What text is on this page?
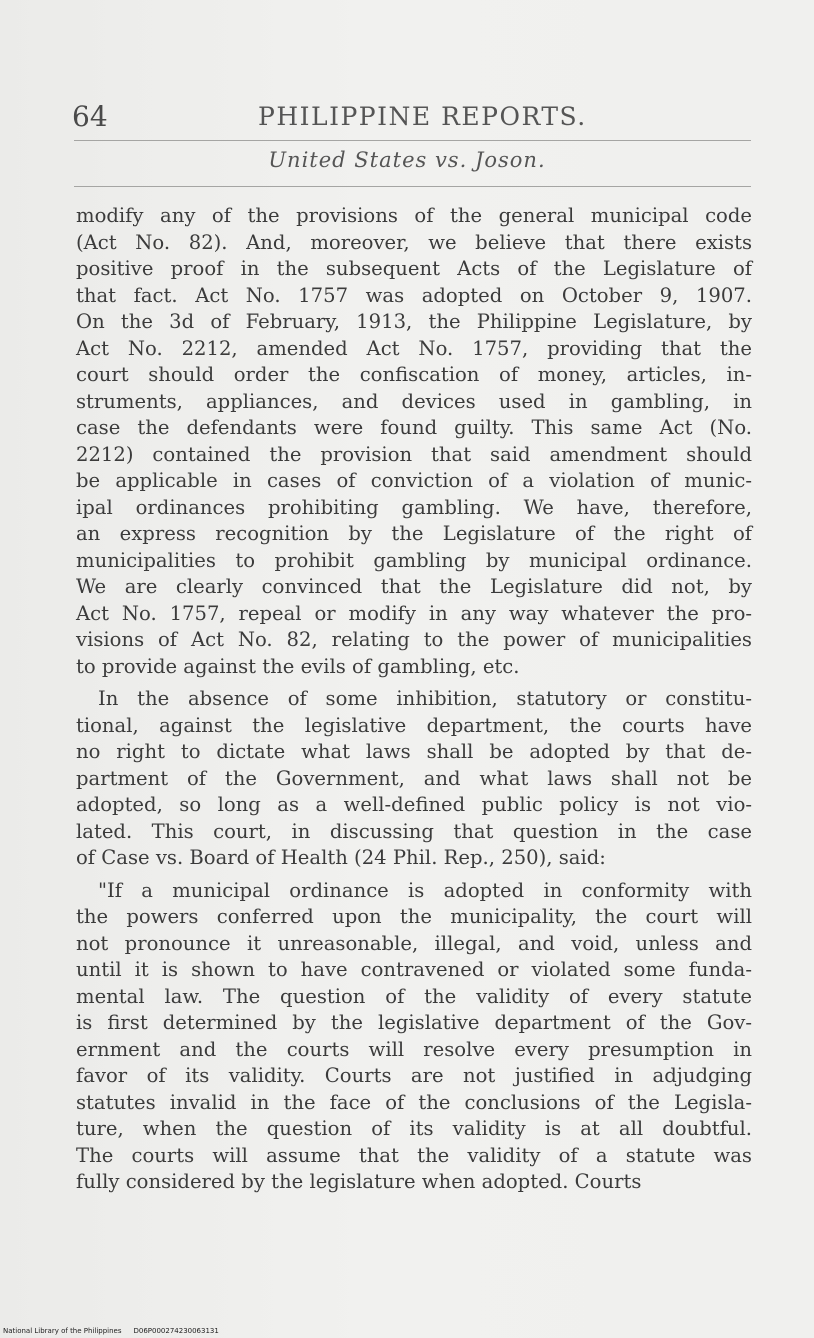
64	PHILIPPINE REPORTS.
United States vs. Joson.
modify any of the provisions of the general municipal code
(Act No. 82). And, moreover, we believe that there exists
positive proof in the subsequent Acts of the Legislature of
that fact. Act No. 1757 was adopted on October 9, 1907.
On the 3d of February, 1913, the Philippine Legislature, by
Act No. 2212, amended Act No. 1757, providing that the
court should order the confiscation of money, articles, in-
struments, appliances, and devices used in gambling, in
case the defendants were found guilty. This same Act (No.
2212) contained the provision that said amendment should
be applicable in cases of conviction of a violation of munic-
ipal ordinances prohibiting gambling. We have, therefore,
an express recognition by the Legislature of the right of
municipalities to prohibit gambling by municipal ordinance.
We are clearly convinced that the Legislature did not, by
Act No. 1757, repeal or modify in any way whatever the pro-
visions of Act No. 82, relating to the power of municipalities
to provide against the evils of gambling, etc.
In the absence of some inhibition, statutory or constitu-
tional, against the legislative department, the courts have
no right to dictate what laws shall be adopted by that de-
partment of the Government, and what laws shall not be
adopted, so long as a well-defined public policy is not vio-
lated. This court, in discussing that question in the case
of Case vs. Board of Health (24 Phil. Rep., 250), said:
"If a municipal ordinance is adopted in conformity with
the powers conferred upon the municipality, the court will
not pronounce it unreasonable, illegal, and void, unless and
until it is shown to have contravened or violated some funda-
mental law. The question of the validity of every statute
is first determined by the legislative department of the Gov-
ernment and the courts will resolve every presumption in
favor of its validity. Courts are not justified in adjudging
statutes invalid in the face of the conclusions of the Legisla-
ture, when the question of its validity is at all doubtful.
The courts will assume that the validity of a statute was
fully considered by the legislature when adopted. Courts
National Library of the Philippines D06P000274230063131
